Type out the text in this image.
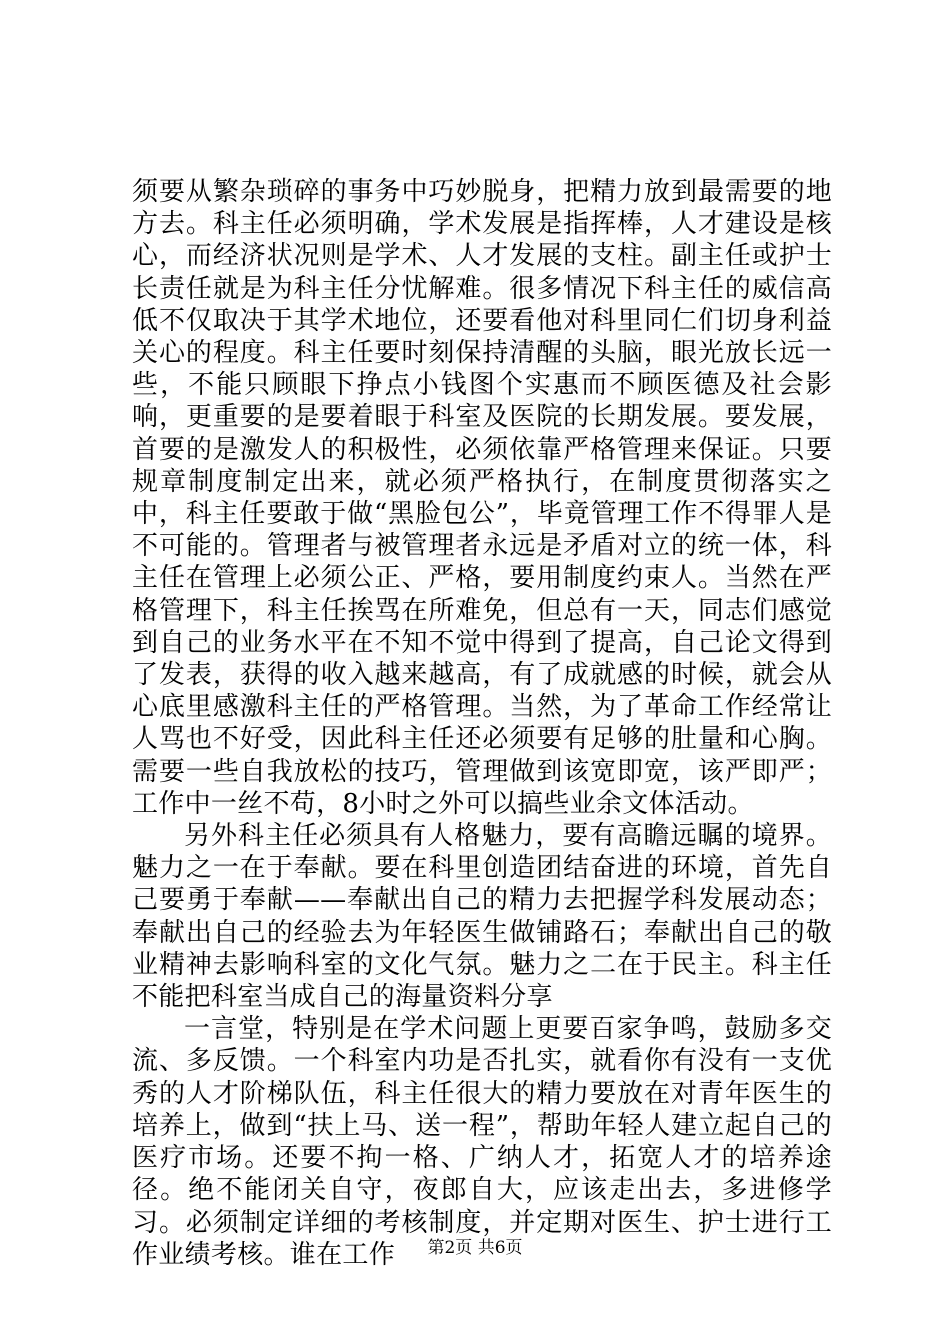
须要从繁杂琐碎的事务中巧妙脱身，把精力放到最需要的地方去。科主任必须明确，学术发展是指挥棒，人才建设是核心，而经济状况则是学术、人才发展的支柱。副主任或护士长责任就是为科主任分忧解难。很多情况下科主任的威信高低不仅取决于其学术地位，还要看他对科里同仁们切身利益关心的程度。科主任要时刻保持清醒的头脑，眼光放长远一些，不能只顾眼下挣点小钱图个实惠而不顾医德及社会影响，更重要的是要着眼于科室及医院的长期发展。要发展，首要的是激发人的积极性，必须依靠严格管理来保证。只要规章制度制定出来，就必须严格执行，在制度贯彻落实之中，科主任要敢于做“黑脸包公”，毕竟管理工作不得罪人是不可能的。管理者与被管理者永远是矛盾对立的统一体，科主任在管理上必须公正、严格，要用制度约束人。当然在严格管理下，科主任挨骂在所难免，但总有一天，同志们感觉到自己的业务水平在不知不觉中得到了提高，自己论文得到了发表，获得的收入越来越高，有了成就感的时候，就会从心底里感激科主任的严格管理。当然，为了革命工作经常让人骂也不好受，因此科主任还必须要有足够的肚量和心胸。需要一些自我放松的技巧，管理做到该宽即宽，该严即严；工作中一丝不苟，8小时之外可以搞些业余文体活动。

另外科主任必须具有人格魅力，要有高瞻远瞩的境界。魅力之一在于奉献。要在科里创造团结奋进的环境，首先自己要勇于奉献——奉献出自己的精力去把握学科发展动态；奉献出自己的经验去为年轻医生做铺路石；奉献出自己的敬业精神去影响科室的文化气氛。魅力之二在于民主。科主任不能把科室当成自己的海量资料分享

一言堂，特别是在学术问题上更要百家争鸣，鼓励多交流、多反馈。一个科室内功是否扎实，就看你有没有一支优秀的人才阶梯队伍，科主任很大的精力要放在对青年医生的培养上，做到“扶上马、送一程”，帮助年轻人建立起自己的医疗市场。还要不拘一格、广纳人才，拓宽人才的培养途径。绝不能闭关自守，夜郎自大，应该走出去，多进修学习。必须制定详细的考核制度，并定期对医生、护士进行工作业绩考核。谁在工作	第2页 共6页
